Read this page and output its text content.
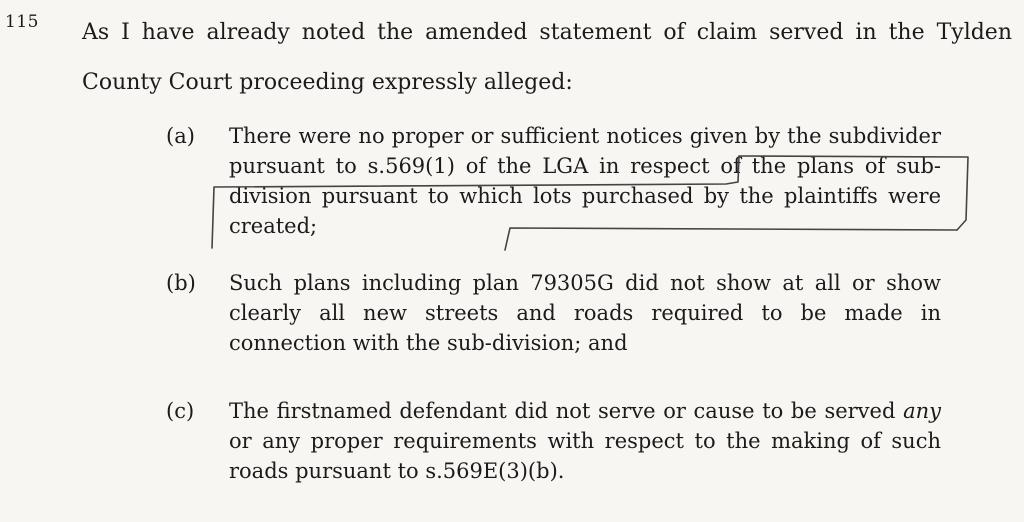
115 As I have already noted the amended statement of claim served in the Tylden County Court proceeding expressly alleged:
(a) There were no proper or sufficient notices given by the subdivider pursuant to s.569(1) of the LGA in respect of the plans of sub-division pursuant to which lots purchased by the plaintiffs were created;
(b) Such plans including plan 79305G did not show at all or show clearly all new streets and roads required to be made in connection with the sub-division; and
(c) The firstnamed defendant did not serve or cause to be served any or any proper requirements with respect to the making of such roads pursuant to s.569E(3)(b).
